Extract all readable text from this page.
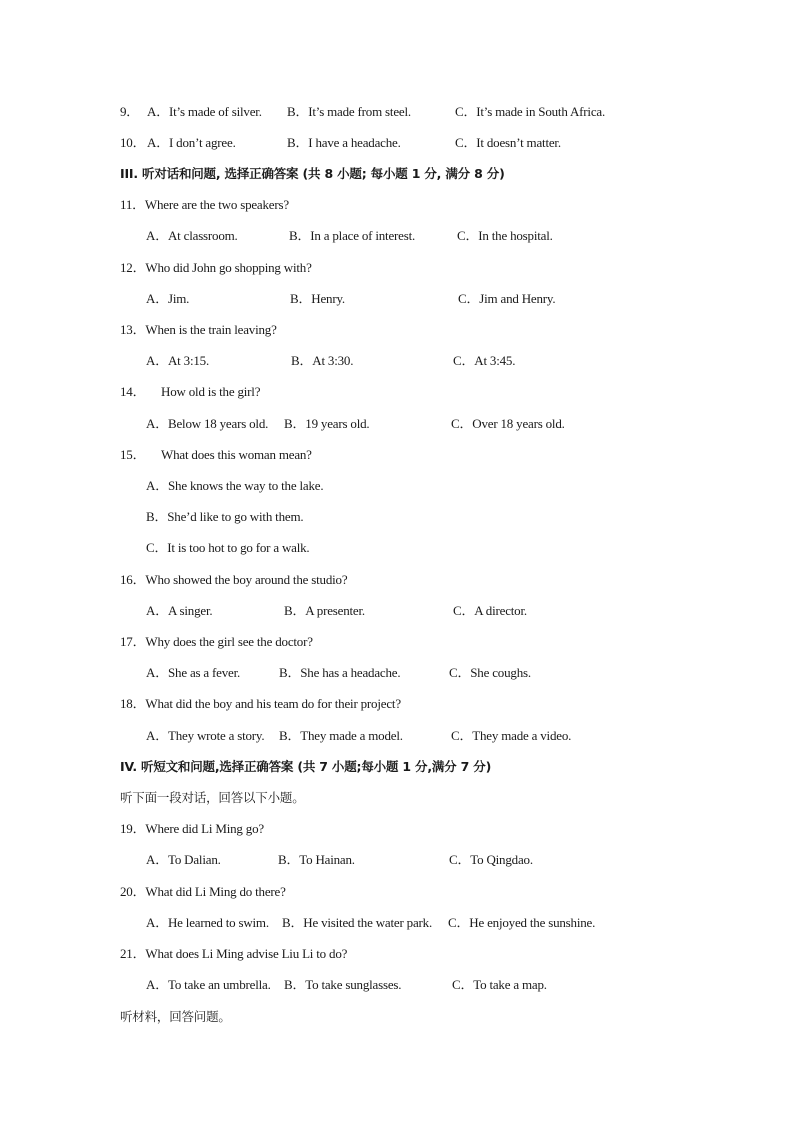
9． A．It’s made of silver. B．It’s made from steel.	C．It’s made in South Africa.
10． A．I don’t agree.	B．I have a headache.	C．It doesn’t matter.
III. 听对话和问题, 选择正确答案 (共 8 小题; 每小题 1 分, 满分 8 分)
11．Where are the two speakers?
A．At classroom.	B．In a place of interest.	C．In the hospital.
12．Who did John go shopping with?
A．Jim.	B．Henry.	C．Jim and Henry.
13．When is the train leaving?
A．At 3:15.	B．At 3:30.	C．At 3:45.
14． How old is the girl?
A．Below 18 years old. B．19 years old.	C．Over 18 years old.
15． What does this woman mean?
A．She knows the way to the lake.
B．She’d like to go with them.
C．It is too hot to go for a walk.
16．Who showed the boy around the studio?
A．A singer.	B．A presenter.	C．A director.
17．Why does the girl see the doctor?
A．She as a fever.	B．She has a headache.	C．She coughs.
18．What did the boy and his team do for their project?
A．They wrote a story. B．They made a model.	C．They made a video.
IV. 听短文和问题,选择正确答案 (共 7 小题;每小题 1 分,满分 7 分)
听下面一段对话，回答以下小题。
19．Where did Li Ming go?
A．To Dalian.	B．To Hainan.	C．To Qingdao.
20．What did Li Ming do there?
A．He learned to swim. B．He visited the water park. C．He enjoyed the sunshine.
21．What does Li Ming advise Liu Li to do?
A．To take an umbrella. B．To take sunglasses.	C．To take a map.
听材料，回答问题。
